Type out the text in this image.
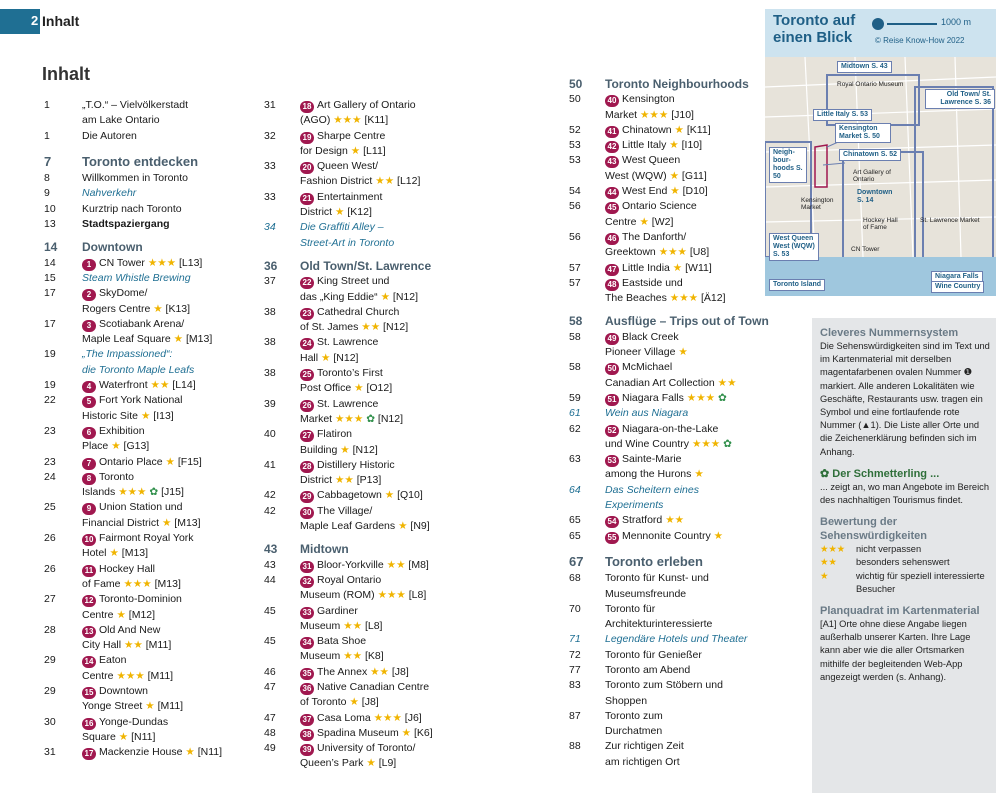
2 Inhalt
Inhalt
1	„T.O.“ – Vielvölkerstadt
am Lake Ontario
1	Die Autoren
7	Toronto entdecken
8	Willkommen in Toronto
9	Nahverkehr
10	Kurztrip nach Toronto
13	Stadtspaziergang
14	Downtown
14	1 CN Tower ★★★ [L13]
15	Steam Whistle Brewing
17	2 SkyDome/
Rogers Centre ★ [K13]
17	3 Scotiabank Arena/
Maple Leaf Square ★ [M13]
19	„The Impassioned“:
die Toronto Maple Leafs
19	4 Waterfront ★★ [L14]
22	5 Fort York National
Historic Site ★ [I13]
23	6 Exhibition
Place ★ [G13]
23	7 Ontario Place ★ [F15]
24	8 Toronto
Islands ★★★ ✿ [J15]
25	9 Union Station und
Financial District ★ [M13]
26	10 Fairmont Royal York
Hotel ★ [M13]
26	11 Hockey Hall
of Fame ★★★ [M13]
27	12 Toronto-Dominion
Centre ★ [M12]
28	13 Old And New
City Hall ★★ [M11]
29	14 Eaton
Centre ★★★ [M11]
29	15 Downtown
Yonge Street ★ [M11]
30	16 Yonge-Dundas
Square ★ [N11]
31	17 Mackenzie House ★ [N11]
31	18 Art Gallery of Ontario
(AGO) ★★★ [K11]
32	19 Sharpe Centre
for Design ★ [L11]
33	20 Queen West/
Fashion District ★★ [L12]
33	21 Entertainment
District ★ [K12]
34	Die Graffiti Alley –
Street-Art in Toronto
36	Old Town/St. Lawrence
37	22 King Street und
das „King Eddie“ ★ [N12]
38	23 Cathedral Church
of St. James ★★ [N12]
38	24 St. Lawrence
Hall ★ [N12]
38	25 Toronto’s First
Post Office ★ [O12]
39	26 St. Lawrence
Market ★★★ ✿ [N12]
40	27 Flatiron
Building ★ [N12]
41	28 Distillery Historic
District ★★ [P13]
42	29 Cabbagetown ★ [Q10]
42	30 The Village/
Maple Leaf Gardens ★ [N9]
43	Midtown
43	31 Bloor-Yorkville ★★ [M8]
44	32 Royal Ontario
Museum (ROM) ★★★ [L8]
45	33 Gardiner
Museum ★★ [L8]
45	34 Bata Shoe
Museum ★★ [K8]
46	35 The Annex ★★ [J8]
47	36 Native Canadian Centre
of Toronto ★ [J8]
47	37 Casa Loma ★★★ [J6]
48	38 Spadina Museum ★ [K6]
49	39 University of Toronto/
Queen’s Park ★ [L9]
50	Toronto Neighbourhoods
50	40 Kensington
Market ★★★ [J10]
52	41 Chinatown ★ [K11]
53	42 Little Italy ★ [I10]
53	43 West Queen
West (WQW) ★ [G11]
54	44 West End ★ [D10]
56	45 Ontario Science
Centre ★ [W2]
56	46 The Danforth/
Greektown ★★★ [U8]
57	47 Little India ★ [W11]
57	48 Eastside und
The Beaches ★★★ [Ä12]
58	Ausflüge – Trips out of Town
58	49 Black Creek
Pioneer Village ★
58	50 McMichael
Canadian Art Collection ★★
59	51 Niagara Falls ★★★ ✿
61	Wein aus Niagara
62	52 Niagara-on-the-Lake
und Wine Country ★★★ ✿
63	53 Sainte-Marie
among the Hurons ★
64	Das Scheitern eines
Experiments
65	54 Stratford ★★
65	55 Mennonite Country ★
67	Toronto erleben
68	Toronto für Kunst- und
Museumsfreunde
70	Toronto für
Architekturinteressierte
71	Legendäre Hotels und Theater
72	Toronto für Genießer
77	Toronto am Abend
83	Toronto zum Stöbern und
Shoppen
87	Toronto zum
Durchatmen
88	Zur richtigen Zeit
am richtigen Ort
Toronto auf einen Blick
1000 m
© Reise Know-How 2022
Midtown S. 43
Royal Ontario Museum
Old Town/ St. Lawrence S. 36
Little Italy S. 53
Kensington Market S. 50
Neigh- bour- hoods S. 50
Chinatown S. 52
Art Gallery of Ontario
Kensington Market
Downtown S. 14
Hockey Hall of Fame
St. Lawrence Market
West Queen West (WQW) S. 53
CN Tower
Toronto Island
Niagara Falls
Wine Country
Cleveres Nummernsystem
Die Sehenswürdigkeiten sind im Text und im Kartenmaterial mit derselben magentafarbenen ovalen Nummer ❶ markiert. Alle anderen Lokalitäten wie Geschäfte, Restaurants usw. tragen ein Symbol und eine fortlaufende rote Nummer (▲1). Die Liste aller Orte und die Zeichenerklärung befinden sich im Anhang.
✿ Der Schmetterling ...
... zeigt an, wo man Angebote im Bereich des nachhaltigen Tourismus findet.
Bewertung der Sehenswürdigkeiten
★★★	nicht verpassen
★★	besonders sehenswert
★	wichtig für speziell interessierte Besucher
Planquadrat im Kartenmaterial
[A1] Orte ohne diese Angabe liegen außerhalb unserer Karten. Ihre Lage kann aber wie die aller Ortsmarken mithilfe der begleitenden Web-App angezeigt werden (s. Anhang).
